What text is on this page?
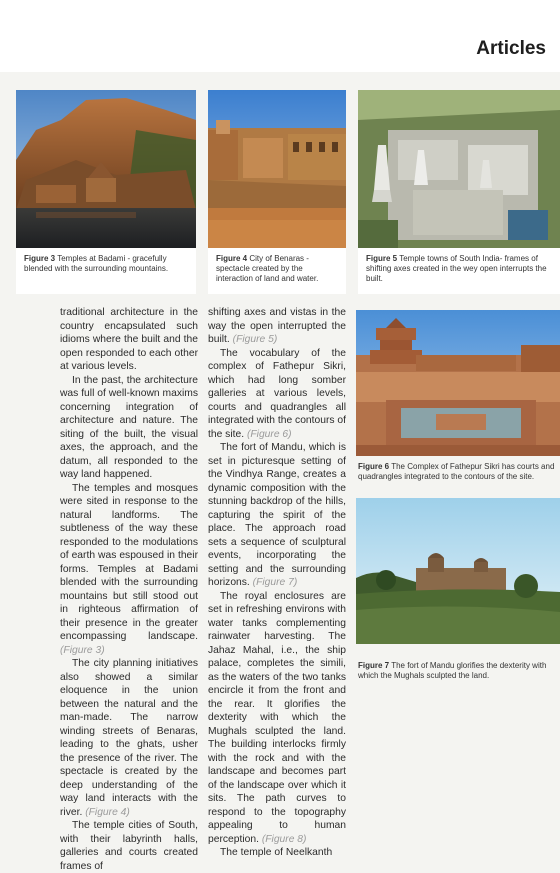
Articles
Figure 3 Temples at Badami - gracefully blended with the surrounding mountains.
Figure 4 City of Benaras - spectacle created by the interaction of land and water.
Figure 5 Temple towns of South India- frames of shifting axes created in the wey open interrupts the built.

traditional architecture in the country encapsulated such idioms where the built and the open responded to each other at various levels.

In the past, the architecture was full of well-known maxims concerning integration of architecture and nature. The siting of the built, the visual axes, the approach, and the datum, all responded to the way land happened.

The temples and mosques were sited in response to the natural landforms. The subtleness of the way these responded to the modulations of earth was espoused in their forms. Temples at Badami blended with the surrounding mountains but still stood out in righteous affirmation of their presence in the greater encompassing landscape. (Figure 3)

The city planning initiatives also showed a similar eloquence in the union between the natural and the man-made. The narrow winding streets of Benaras, leading to the ghats, usher the presence of the river. The spectacle is created by the deep understanding of the way land interacts with the river. (Figure 4)

The temple cities of South, with their labyrinth halls, galleries and courts created frames of

shifting axes and vistas in the way the open interrupted the built. (Figure 5)

The vocabulary of the complex of Fathepur Sikri, which had long somber galleries at various levels, courts and quadrangles all integrated with the contours of the site. (Figure 6)

The fort of Mandu, which is set in picturesque setting of the Vindhya Range, creates a dynamic composition with the stunning backdrop of the hills, capturing the spirit of the place. The approach road sets a sequence of sculptural events, incorporating the setting and the surrounding horizons. (Figure 7)

The royal enclosures are set in refreshing environs with water tanks complementing rainwater harvesting. The Jahaz Mahal, i.e., the ship palace, completes the simili, as the waters of the two tanks encircle it from the front and the rear. It glorifies the dexterity with which the Mughals sculpted the land. The building interlocks firmly with the rock and with the landscape and becomes part of the landscape over which it sits. The path curves to respond to the topography appealing to human perception. (Figure 8)

The temple of Neelkanth

Figure 6 The Complex of Fathepur Sikri has courts and quadrangles integrated to the contours of the site.
Figure 7 The fort of Mandu glorifies the dexterity with which the Mughals sculpted the land.
